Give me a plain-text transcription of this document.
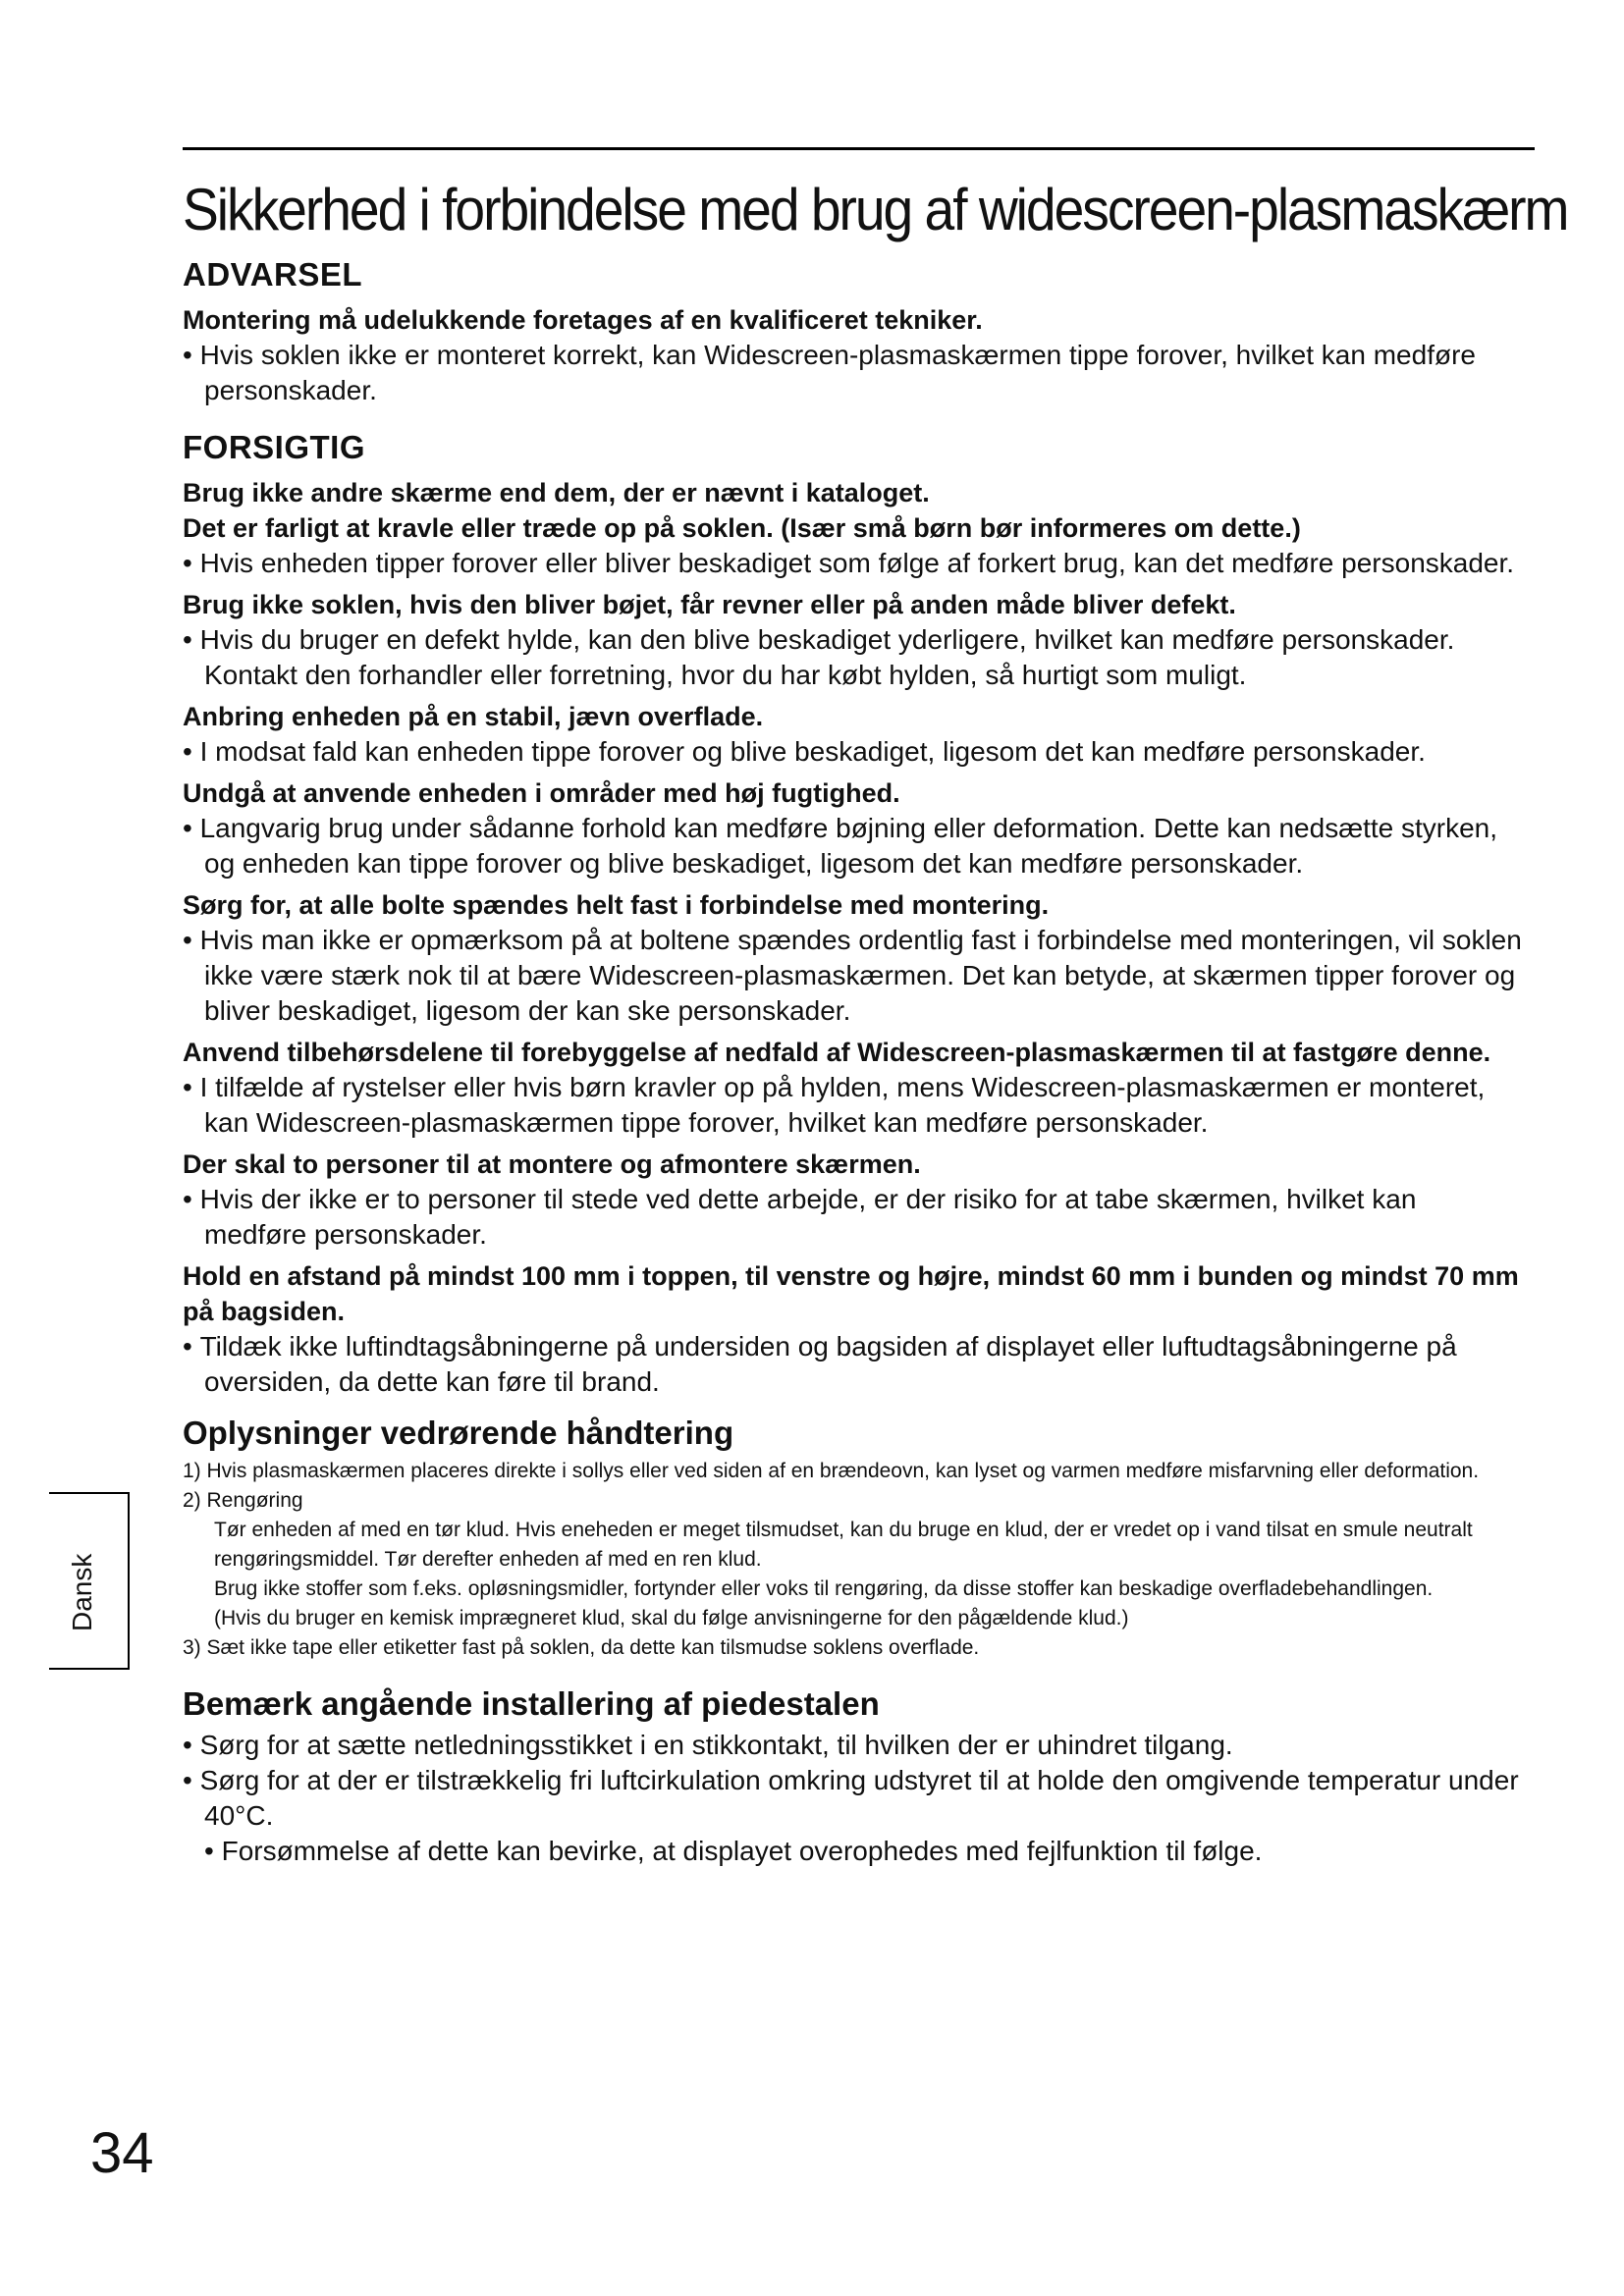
Sikkerhed i forbindelse med brug af widescreen-plasmaskærm
ADVARSEL

Montering må udelukkende foretages af en kvalificeret tekniker.

• Hvis soklen ikke er monteret korrekt, kan Widescreen-plasmaskærmen tippe forover, hvilket kan medføre personskader.

FORSIGTIG

Brug ikke andre skærme end dem, der er nævnt i kataloget.

Det er farligt at kravle eller træde op på soklen. (Især små børn bør informeres om dette.)

• Hvis enheden tipper forover eller bliver beskadiget som følge af forkert brug, kan det medføre personskader.

Brug ikke soklen, hvis den bliver bøjet, får revner eller på anden måde bliver defekt.

• Hvis du bruger en defekt hylde, kan den blive beskadiget yderligere, hvilket kan medføre personskader. Kontakt den forhandler eller forretning, hvor du har købt hylden, så hurtigt som muligt.

Anbring enheden på en stabil, jævn overflade.

• I modsat fald kan enheden tippe forover og blive beskadiget, ligesom det kan medføre personskader.

Undgå at anvende enheden i områder med høj fugtighed.

• Langvarig brug under sådanne forhold kan medføre bøjning eller deformation. Dette kan nedsætte styrken, og enheden kan tippe forover og blive beskadiget, ligesom det kan medføre personskader.

Sørg for, at alle bolte spændes helt fast i forbindelse med montering.

• Hvis man ikke er opmærksom på at boltene spændes ordentlig fast i forbindelse med monteringen, vil soklen ikke være stærk nok til at bære Widescreen-plasmaskærmen. Det kan betyde, at skærmen tipper forover og bliver beskadiget, ligesom der kan ske personskader.

Anvend tilbehørsdelene til forebyggelse af nedfald af Widescreen-plasmaskærmen til at fastgøre denne.

• I tilfælde af rystelser eller hvis børn kravler op på hylden, mens Widescreen-plasmaskærmen er monteret, kan Widescreen-plasmaskærmen tippe forover, hvilket kan medføre personskader.

Der skal to personer til at montere og afmontere skærmen.

• Hvis der ikke er to personer til stede ved dette arbejde, er der risiko for at tabe skærmen, hvilket kan medføre personskader.

Hold en afstand på mindst 100 mm i toppen, til venstre og højre, mindst 60 mm i bunden og mindst 70 mm på bagsiden.

• Tildæk ikke luftindtagsåbningerne på undersiden og bagsiden af displayet eller luftudtagsåbningerne på oversiden, da dette kan føre til brand.

Oplysninger vedrørende håndtering

1) Hvis plasmaskærmen placeres direkte i sollys eller ved siden af en brændeovn, kan lyset og varmen medføre misfarvning eller deformation.

2) Rengøring

Tør enheden af med en tør klud. Hvis eneheden er meget tilsmudset, kan du bruge en klud, der er vredet op i vand tilsat en smule neutralt rengøringsmiddel. Tør derefter enheden af med en ren klud.

Brug ikke stoffer som f.eks. opløsningsmidler, fortynder eller voks til rengøring, da disse stoffer kan beskadige overfladebehandlingen.

(Hvis du bruger en kemisk imprægneret klud, skal du følge anvisningerne for den pågældende klud.)

3) Sæt ikke tape eller etiketter fast på soklen, da dette kan tilsmudse soklens overflade.

Bemærk angående installering af piedestalen

• Sørg for at sætte netledningsstikket i en stikkontakt, til hvilken der er uhindret tilgang.

• Sørg for at der er tilstrækkelig fri luftcirkulation omkring udstyret til at holde den omgivende temperatur under 40°C.

• Forsømmelse af dette kan bevirke, at displayet overophedes med fejlfunktion til følge.

Dansk
34
